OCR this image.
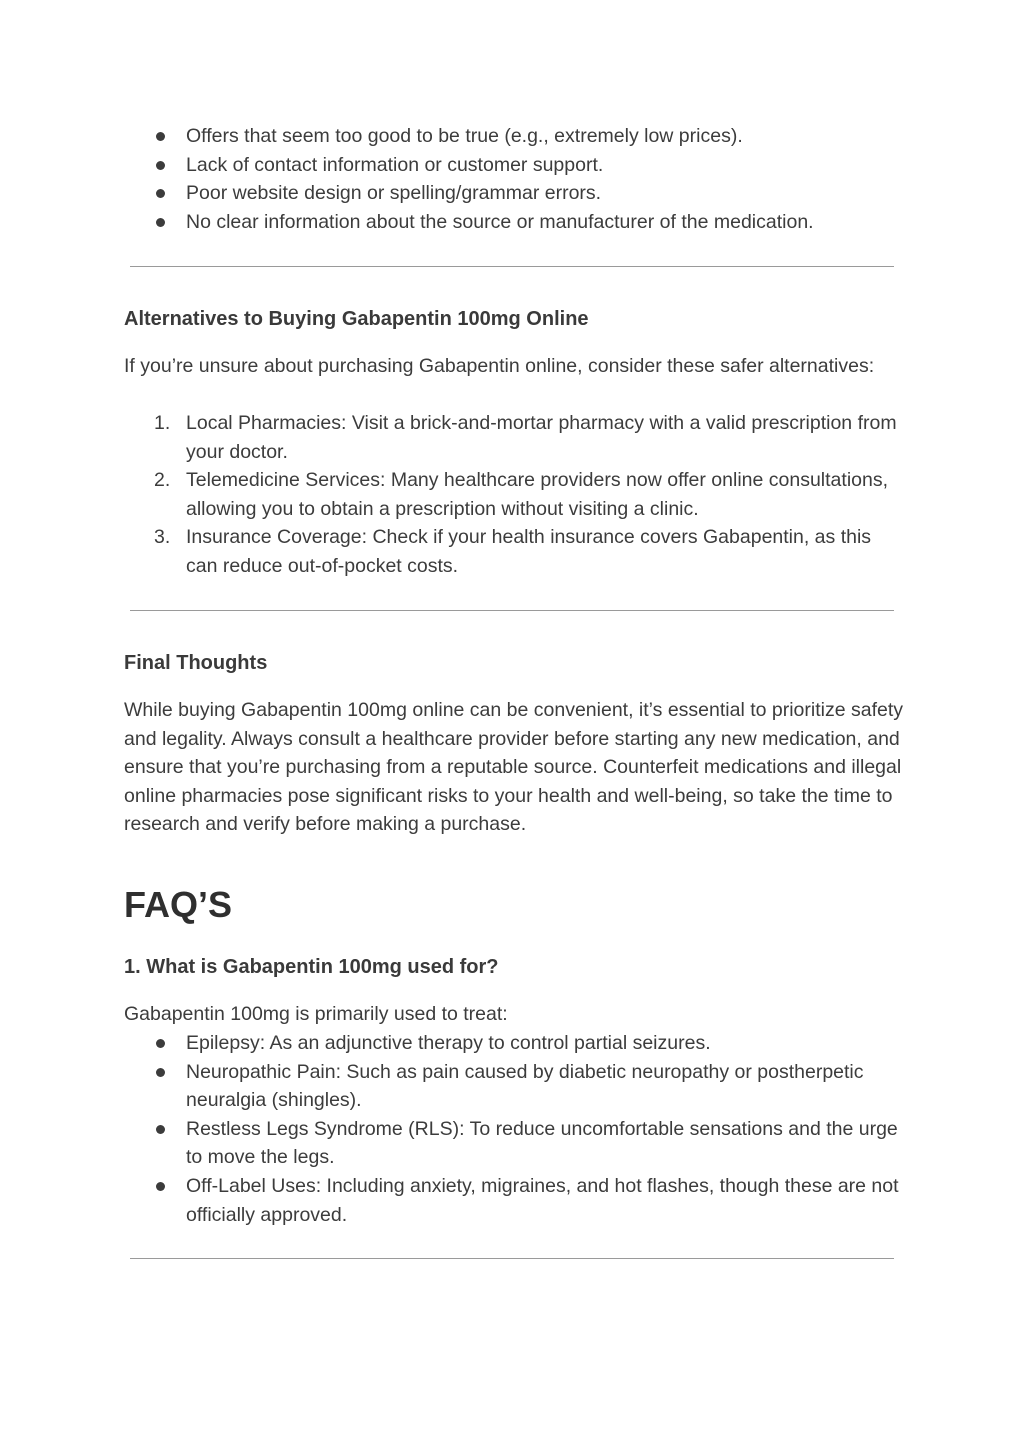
Offers that seem too good to be true (e.g., extremely low prices).
Lack of contact information or customer support.
Poor website design or spelling/grammar errors.
No clear information about the source or manufacturer of the medication.
Alternatives to Buying Gabapentin 100mg Online

If you’re unsure about purchasing Gabapentin online, consider these safer alternatives:

1. Local Pharmacies: Visit a brick-and-mortar pharmacy with a valid prescription from your doctor.
2. Telemedicine Services: Many healthcare providers now offer online consultations, allowing you to obtain a prescription without visiting a clinic.
3. Insurance Coverage: Check if your health insurance covers Gabapentin, as this can reduce out-of-pocket costs.
Final Thoughts

While buying Gabapentin 100mg online can be convenient, it’s essential to prioritize safety and legality. Always consult a healthcare provider before starting any new medication, and ensure that you’re purchasing from a reputable source. Counterfeit medications and illegal online pharmacies pose significant risks to your health and well-being, so take the time to research and verify before making a purchase.

FAQ’S
1. What is Gabapentin 100mg used for?

Gabapentin 100mg is primarily used to treat:

Epilepsy: As an adjunctive therapy to control partial seizures.
Neuropathic Pain: Such as pain caused by diabetic neuropathy or postherpetic neuralgia (shingles).
Restless Legs Syndrome (RLS): To reduce uncomfortable sensations and the urge to move the legs.
Off-Label Uses: Including anxiety, migraines, and hot flashes, though these are not officially approved.
